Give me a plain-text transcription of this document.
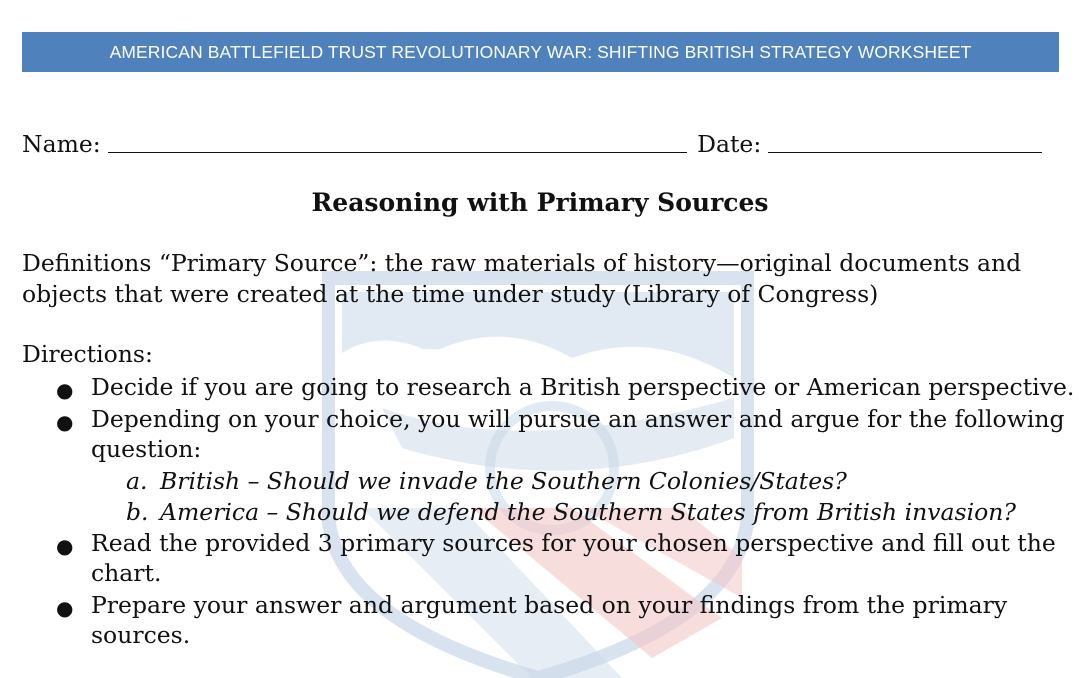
AMERICAN BATTLEFIELD TRUST REVOLUTIONARY WAR: SHIFTING BRITISH STRATEGY WORKSHEET
Name:	Date:
Reasoning with Primary Sources
Definitions “Primary Source”: the raw materials of history—original documents and
objects that were created at the time under study (Library of Congress)
Directions:
● Decide if you are going to research a British perspective or American perspective.
● Depending on your choice, you will pursue an answer and argue for the following
question:
a. British – Should we invade the Southern Colonies/States?
b. America – Should we defend the Southern States from British invasion?
● Read the provided 3 primary sources for your chosen perspective and fill out the
chart.
● Prepare your answer and argument based on your findings from the primary
sources.
